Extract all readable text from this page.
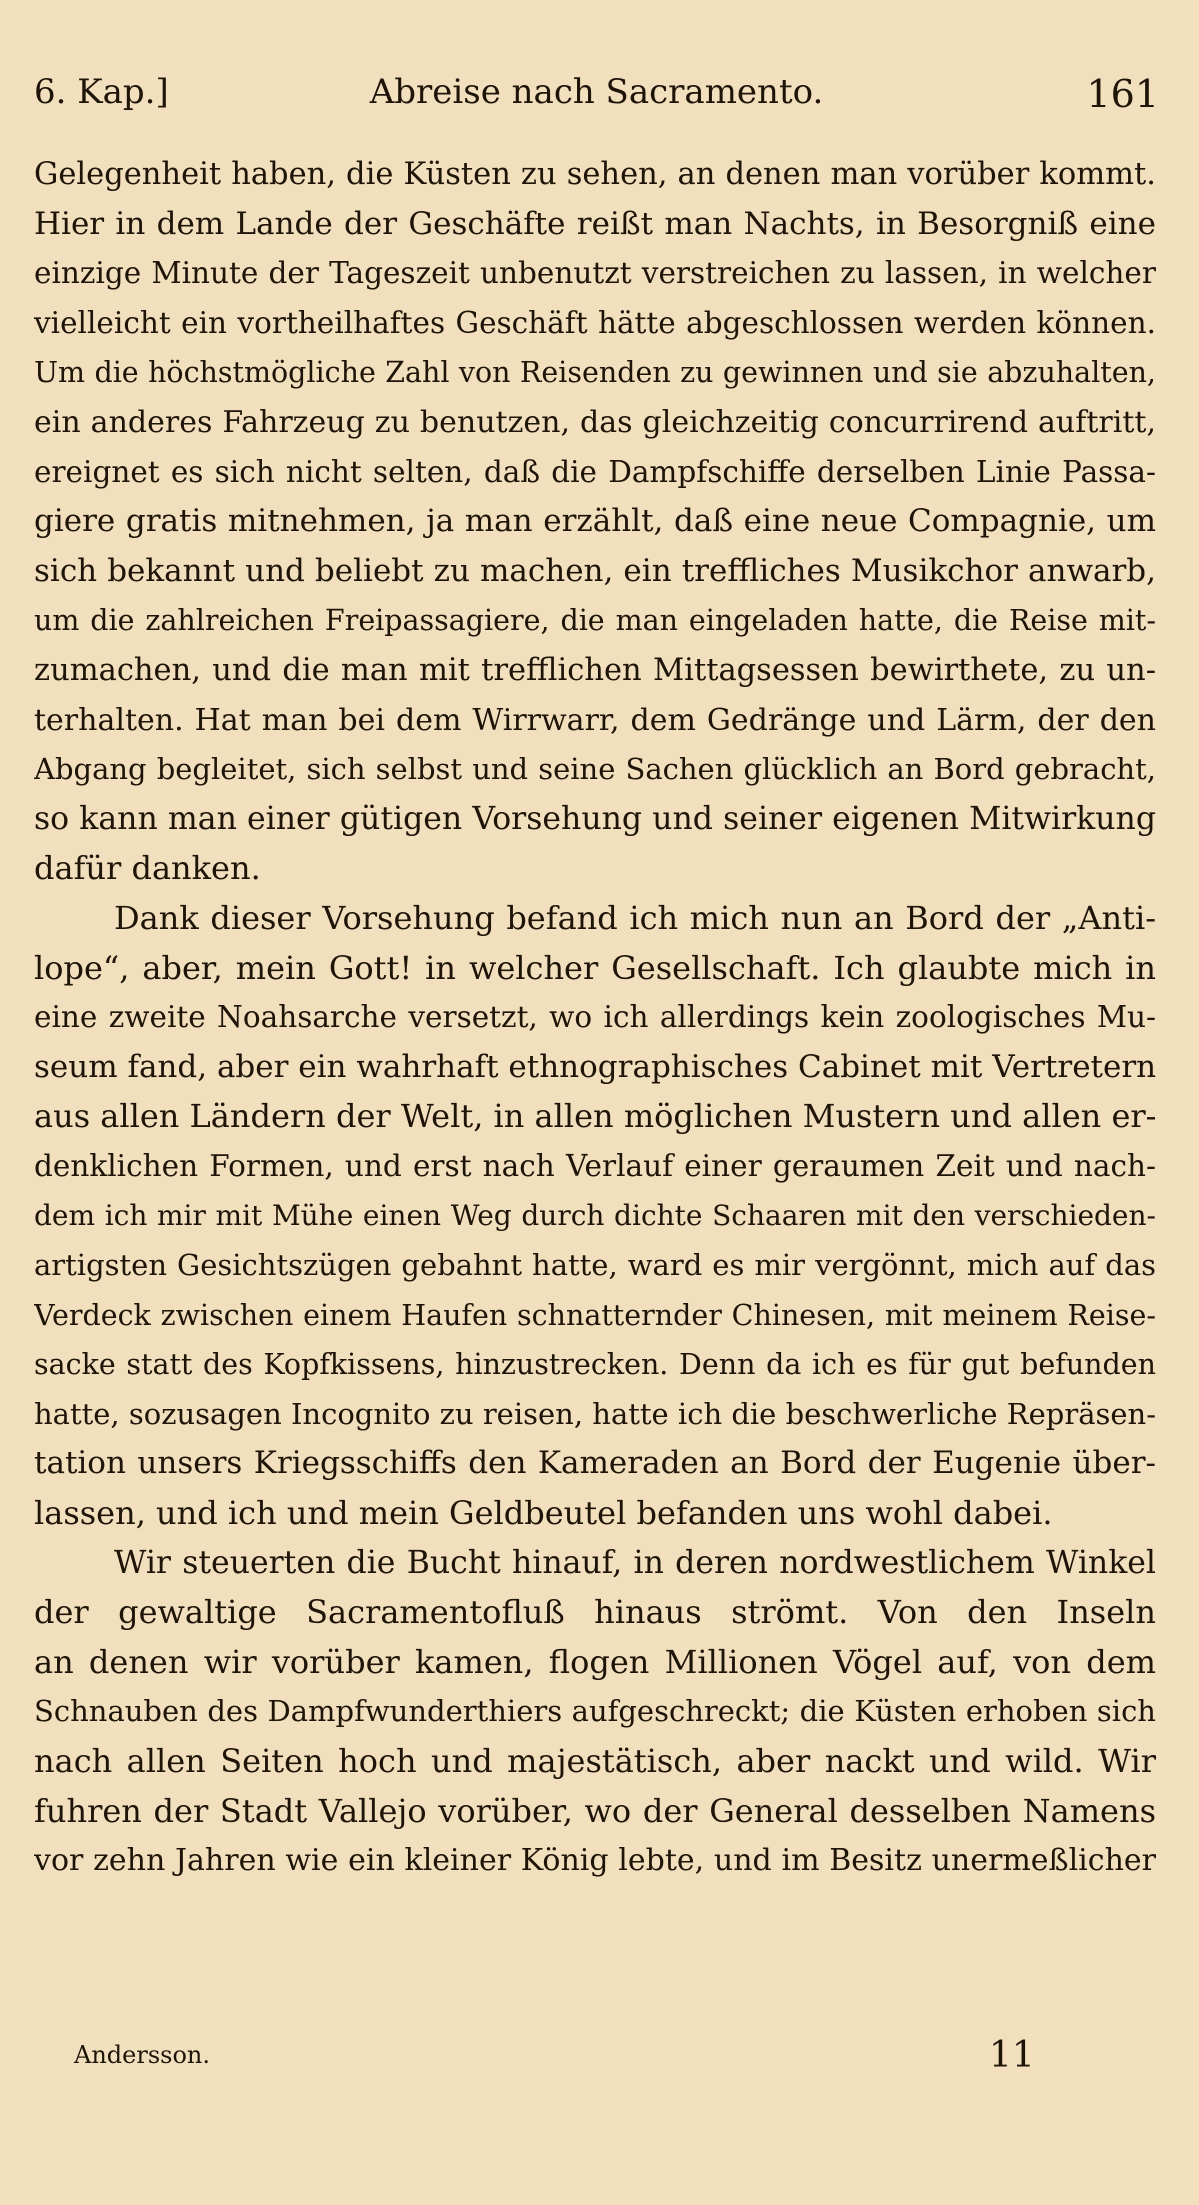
6. Kap.]	Abreise nach Sacramento.	161
Gelegenheit haben, die Küsten zu sehen, an denen man vorüber kommt.
Hier in dem Lande der Geschäfte reißt man Nachts, in Besorgniß eine
einzige Minute der Tageszeit unbenutzt verstreichen zu lassen, in welcher
vielleicht ein vortheilhaftes Geschäft hätte abgeschlossen werden können.
Um die höchstmögliche Zahl von Reisenden zu gewinnen und sie abzuhalten,
ein anderes Fahrzeug zu benutzen, das gleichzeitig concurrirend auftritt,
ereignet es sich nicht selten, daß die Dampfschiffe derselben Linie Passa-
giere gratis mitnehmen, ja man erzählt, daß eine neue Compagnie, um
sich bekannt und beliebt zu machen, ein treffliches Musikchor anwarb,
um die zahlreichen Freipassagiere, die man eingeladen hatte, die Reise mit-
zumachen, und die man mit trefflichen Mittagsessen bewirthete, zu un-
terhalten. Hat man bei dem Wirrwarr, dem Gedränge und Lärm, der den
Abgang begleitet, sich selbst und seine Sachen glücklich an Bord gebracht,
so kann man einer gütigen Vorsehung und seiner eigenen Mitwirkung
dafür danken.
Dank dieser Vorsehung befand ich mich nun an Bord der „Anti-
lope“, aber, mein Gott! in welcher Gesellschaft. Ich glaubte mich in
eine zweite Noahsarche versetzt, wo ich allerdings kein zoologisches Mu-
seum fand, aber ein wahrhaft ethnographisches Cabinet mit Vertretern
aus allen Ländern der Welt, in allen möglichen Mustern und allen er-
denklichen Formen, und erst nach Verlauf einer geraumen Zeit und nach-
dem ich mir mit Mühe einen Weg durch dichte Schaaren mit den verschieden-
artigsten Gesichtszügen gebahnt hatte, ward es mir vergönnt, mich auf das
Verdeck zwischen einem Haufen schnatternder Chinesen, mit meinem Reise-
sacke statt des Kopfkissens, hinzustrecken. Denn da ich es für gut befunden
hatte, sozusagen Incognito zu reisen, hatte ich die beschwerliche Repräsen-
tation unsers Kriegsschiffs den Kameraden an Bord der Eugenie über-
lassen, und ich und mein Geldbeutel befanden uns wohl dabei.
Wir steuerten die Bucht hinauf, in deren nordwestlichem Winkel
der gewaltige Sacramentofluß hinaus strömt. Von den Inseln
an denen wir vorüber kamen, flogen Millionen Vögel auf, von dem
Schnauben des Dampfwunderthiers aufgeschreckt; die Küsten erhoben sich
nach allen Seiten hoch und majestätisch, aber nackt und wild. Wir
fuhren der Stadt Vallejo vorüber, wo der General desselben Namens
vor zehn Jahren wie ein kleiner König lebte, und im Besitz unermeßlicher
Andersson.	11
